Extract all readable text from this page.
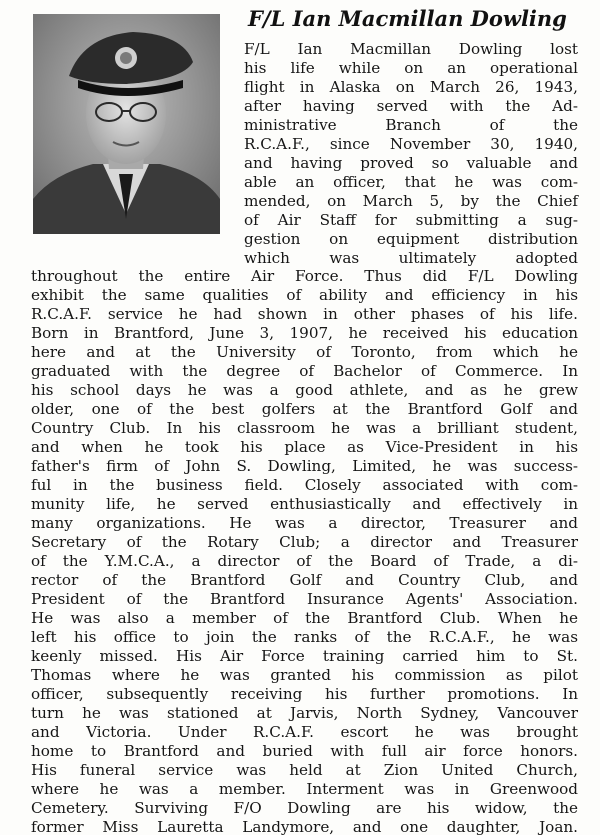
F/L Ian Macmillan Dowling
F/L Ian Macmillan Dowling lost
his life while on an operational
flight in Alaska on March 26, 1943,
after having served with the Ad-
ministrative Branch of the
R.C.A.F., since November 30, 1940,
and having proved so valuable and
able an officer, that he was com-
mended, on March 5, by the Chief
of Air Staff for submitting a sug-
gestion on equipment distribution
which was ultimately adopted
throughout the entire Air Force. Thus did F/L Dowling
exhibit the same qualities of ability and efficiency in his
R.C.A.F. service he had shown in other phases of his life.
Born in Brantford, June 3, 1907, he received his education
here and at the University of Toronto, from which he
graduated with the degree of Bachelor of Commerce. In
his school days he was a good athlete, and as he grew
older, one of the best golfers at the Brantford Golf and
Country Club. In his classroom he was a brilliant student,
and when he took his place as Vice-President in his
father's firm of John S. Dowling, Limited, he was success-
ful in the business field. Closely associated with com-
munity life, he served enthusiastically and effectively in
many organizations. He was a director, Treasurer and
Secretary of the Rotary Club; a director and Treasurer
of the Y.M.C.A., a director of the Board of Trade, a di-
rector of the Brantford Golf and Country Club, and
President of the Brantford Insurance Agents' Association.
He was also a member of the Brantford Club. When he
left his office to join the ranks of the R.C.A.F., he was
keenly missed. His Air Force training carried him to St.
Thomas where he was granted his commission as pilot
officer, subsequently receiving his further promotions. In
turn he was stationed at Jarvis, North Sydney, Vancouver
and Victoria. Under R.C.A.F. escort he was brought
home to Brantford and buried with full air force honors.
His funeral service was held at Zion United Church,
where he was a member. Interment was in Greenwood
Cemetery. Surviving F/O Dowling are his widow, the
former Miss Lauretta Landymore, and one daughter, Joan.
